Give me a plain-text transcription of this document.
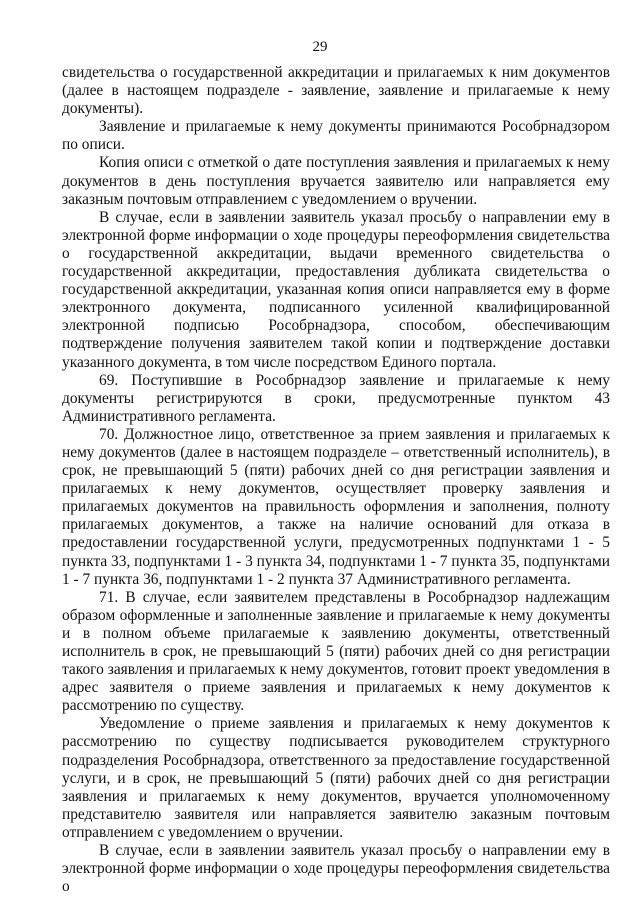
29

свидетельства о государственной аккредитации и прилагаемых к ним документов (далее в настоящем подразделе - заявление, заявление и прилагаемые к нему документы).

Заявление и прилагаемые к нему документы принимаются Рособрнадзором по описи.

Копия описи с отметкой о дате поступления заявления и прилагаемых к нему документов в день поступления вручается заявителю или направляется ему заказным почтовым отправлением с уведомлением о вручении.

В случае, если в заявлении заявитель указал просьбу о направлении ему в электронной форме информации о ходе процедуры переоформления свидетельства о государственной аккредитации, выдачи временного свидетельства о государственной аккредитации, предоставления дубликата свидетельства о государственной аккредитации, указанная копия описи направляется ему в форме электронного документа, подписанного усиленной квалифицированной электронной подписью Рособрнадзора, способом, обеспечивающим подтверждение получения заявителем такой копии и подтверждение доставки указанного документа, в том числе посредством Единого портала.

69. Поступившие в Рособрнадзор заявление и прилагаемые к нему документы регистрируются в сроки, предусмотренные пунктом 43 Административного регламента.

70. Должностное лицо, ответственное за прием заявления и прилагаемых к нему документов (далее в настоящем подразделе – ответственный исполнитель), в срок, не превышающий 5 (пяти) рабочих дней со дня регистрации заявления и прилагаемых к нему документов, осуществляет проверку заявления и прилагаемых документов на правильность оформления и заполнения, полноту прилагаемых документов, а также на наличие оснований для отказа в предоставлении государственной услуги, предусмотренных подпунктами 1 - 5 пункта 33, подпунктами 1 - 3 пункта 34, подпунктами 1 - 7 пункта 35, подпунктами 1 - 7 пункта 36, подпунктами 1 - 2 пункта 37 Административного регламента.

71. В случае, если заявителем представлены в Рособрнадзор надлежащим образом оформленные и заполненные заявление и прилагаемые к нему документы и в полном объеме прилагаемые к заявлению документы, ответственный исполнитель в срок, не превышающий 5 (пяти) рабочих дней со дня регистрации такого заявления и прилагаемых к нему документов, готовит проект уведомления в адрес заявителя о приеме заявления и прилагаемых к нему документов к рассмотрению по существу.

Уведомление о приеме заявления и прилагаемых к нему документов к рассмотрению по существу подписывается руководителем структурного подразделения Рособрнадзора, ответственного за предоставление государственной услуги, и в срок, не превышающий 5 (пяти) рабочих дней со дня регистрации заявления и прилагаемых к нему документов, вручается уполномоченному представителю заявителя или направляется заявителю заказным почтовым отправлением с уведомлением о вручении.

В случае, если в заявлении заявитель указал просьбу о направлении ему в электронной форме информации о ходе процедуры переоформления свидетельства о
